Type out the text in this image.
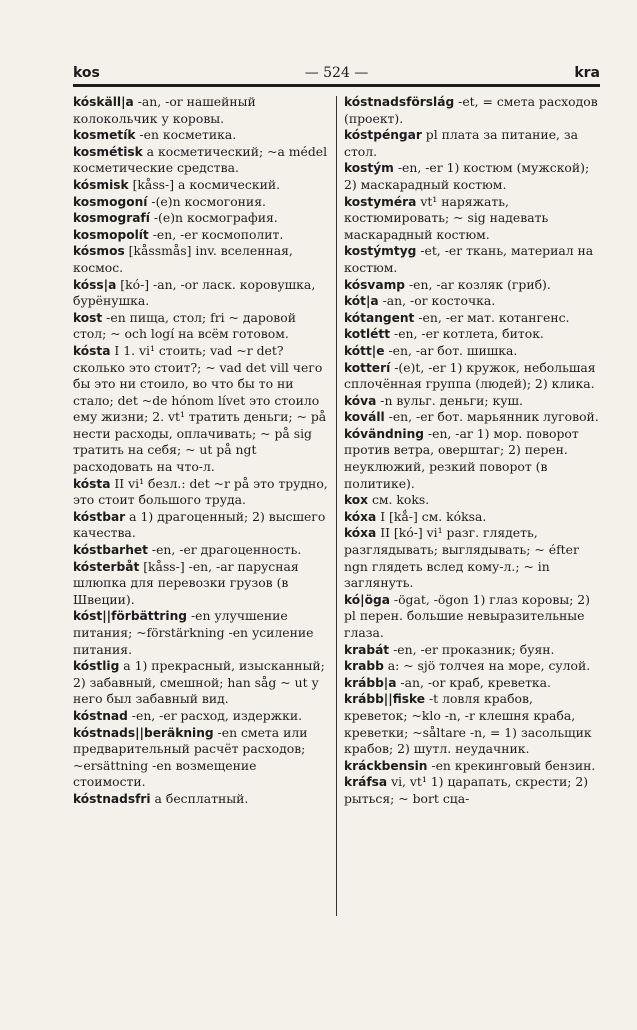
kos	— 524 —	kra

kóskäll|a -an, -or нашейный колокольчик у коровы.

kosmetík -en косметика.

kosmétisk a косметический; ~a médel косметические средства.

kósmisk [kåss-] a космический.

kosmogoní -(e)n космогония.

kosmografí -(e)n космография.

kosmopolít -en, -er космополит.

kósmos [kåssmås] inv. вселенная, космос.

kóss|a [kó-] -an, -or ласк. коровушка, бурёнушка.

kost -en пища, стол; fri ~ даровой стол; ~ och logí на всём готовом.

kósta I 1. vi¹ стоить; vad ~r det? сколько это стоит?; ~ vad det vill чего бы это ни стоило, во что бы то ни стало; det ~de hónom lívet это стоило ему жизни; 2. vt¹ тратить деньги; ~ på нести расходы, оплачивать; ~ på sig тратить на себя; ~ ut på ngt расходовать на что-л.

kósta II vi¹ безл.: det ~r på это трудно, это стоит большого труда.

kóstbar a 1) драгоценный; 2) высшего качества.

kóstbarhet -en, -er драгоценность.

kósterbåt [kåss-] -en, -ar парусная шлюпка для перевозки грузов (в Швеции).

kóst||förbättring -en улучшение питания; ~förstärkning -en усиление питания.

kóstlig a 1) прекрасный, изысканный; 2) забавный, смешной; han såg ~ ut у него был забавный вид.

kóstnad -en, -er расход, издержки.

kóstnads||beräkning -en смета или предварительный расчёт расходов; ~ersättning -en возмещение стоимости.

kóstnadsfri a бесплатный.

kóstnadsförslág -et, = смета расходов (проект).

kóstpéngar pl плата за питание, за стол.

kostým -en, -er 1) костюм (мужской); 2) маскарадный костюм.

kostyméra vt¹ наряжать, костюмировать; ~ sig надевать маскарадный костюм.

kostýmtyg -et, -er ткань, материал на костюм.

kósvamp -en, -ar козляк (гриб).

kót|a -an, -or косточка.

kótangent -en, -er мат. котангенс.

kotlétt -en, -er котлета, биток.

kótt|e -en, -ar бот. шишка.

kotterí -(e)t, -er 1) кружок, небольшая сплочённая группа (людей); 2) клика.

kóva -n вульг. деньги; куш.

kováll -en, -er бот. марьянник луговой.

kóvändning -en, -ar 1) мор. поворот против ветра, оверштаг; 2) перен. неуклюжий, резкий поворот (в политике).

kox см. koks.

kóxa I [kǻ-] см. kóksa.

kóxa II [kó-] vi¹ разг. глядеть, разглядывать; выглядывать; ~ éfter ngn глядеть вслед кому-л.; ~ in заглянуть.

kó|öga -ögat, -ögon 1) глаз коровы; 2) pl перен. большие невыразительные глаза.

krabát -en, -er проказник; буян.

krabb a: ~ sjö толчея на море, сулой.

krább|a -an, -or краб, креветка.

krább||fiske -t ловля крабов, креветок; ~klo -n, -r клешня краба, креветки; ~såltare -n, = 1) засольщик крабов; 2) шутл. неудачник.

kráckbensin -en крекинговый бензин.

kráfsa vi, vt¹ 1) царапать, скрести; 2) рыться; ~ bort сца-
